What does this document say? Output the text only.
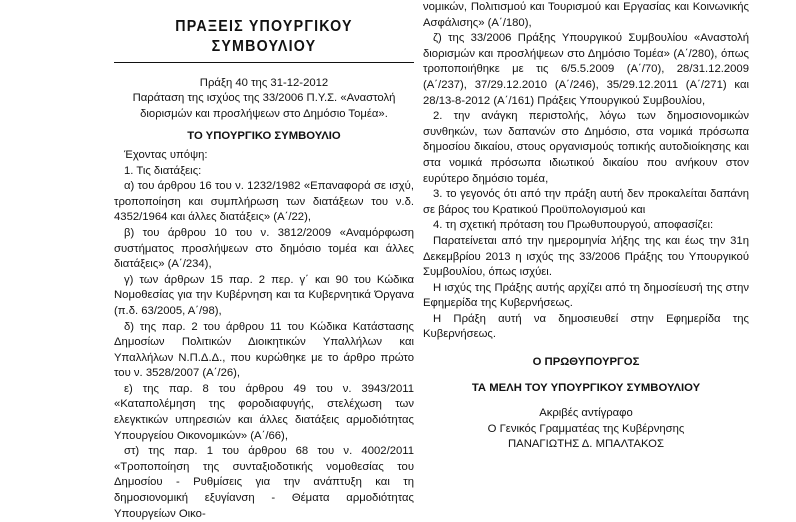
ΠΡΑΞΕΙΣ ΥΠΟΥΡΓΙΚΟΥ ΣΥΜΒΟΥΛΙΟΥ

Πράξη 40 της 31-12-2012

Παράταση της ισχύος της 33/2006 Π.Υ.Σ. «Αναστολή διορισμών και προσλήψεων στο Δημόσιο Τομέα».

ΤΟ ΥΠΟΥΡΓΙΚΟ ΣΥΜΒΟΥΛΙΟ

Έχοντας υπόψη:

1. Τις διατάξεις:

α) του άρθρου 16 του ν. 1232/1982 «Επαναφορά σε ισχύ, τροποποίηση και συμπλήρωση των διατάξεων του ν.δ. 4352/1964 και άλλες διατάξεις» (Α΄/22),

β) του άρθρου 10 του ν. 3812/2009 «Αναμόρφωση συστήματος προσλήψεων στο δημόσιο τομέα και άλλες διατάξεις» (Α΄/234),

γ) των άρθρων 15 παρ. 2 περ. γ΄ και 90 του Κώδικα Νομοθεσίας για την Κυβέρνηση και τα Κυβερνητικά Όργανα (π.δ. 63/2005, Α΄/98),

δ) της παρ. 2 του άρθρου 11 του Κώδικα Κατάστασης Δημοσίων Πολιτικών Διοικητικών Υπαλλήλων και Υπαλλήλων Ν.Π.Δ.Δ., που κυρώθηκε με το άρθρο πρώτο του ν. 3528/2007 (Α΄/26),

ε) της παρ. 8 του άρθρου 49 του ν. 3943/2011 «Καταπολέμηση της φοροδιαφυγής, στελέχωση των ελεγκτικών υπηρεσιών και άλλες διατάξεις αρμοδιότητας Υπουργείου Οικονομικών» (Α΄/66),

στ) της παρ. 1 του άρθρου 68 του ν. 4002/2011 «Τροποποίηση της συνταξιοδοτικής νομοθεσίας του Δημοσίου - Ρυθμίσεις για την ανάπτυξη και τη δημοσιονομική εξυγίανση - Θέματα αρμοδιότητας Υπουργείων Οικο-

νομικών, Πολιτισμού και Τουρισμού και Εργασίας και Κοινωνικής Ασφάλισης» (Α΄/180),

ζ) της 33/2006 Πράξης Υπουργικού Συμβουλίου «Αναστολή διορισμών και προσλήψεων στο Δημόσιο Τομέα» (Α΄/280), όπως τροποποιήθηκε με τις 6/5.5.2009 (Α΄/70), 28/31.12.2009 (Α΄/237), 37/29.12.2010 (Α΄/246), 35/29.12.2011 (Α΄/271) και 28/13-8-2012 (Α΄/161) Πράξεις Υπουργικού Συμβουλίου,

2. την ανάγκη περιστολής, λόγω των δημοσιονομικών συνθηκών, των δαπανών στο Δημόσιο, στα νομικά πρόσωπα δημοσίου δικαίου, στους οργανισμούς τοπικής αυτοδιοίκησης και στα νομικά πρόσωπα ιδιωτικού δικαίου που ανήκουν στον ευρύτερο δημόσιο τομέα,

3. το γεγονός ότι από την πράξη αυτή δεν προκαλείται δαπάνη σε βάρος του Κρατικού Προϋπολογισμού και

4. τη σχετική πρόταση του Πρωθυπουργού, αποφασίζει:

Παρατείνεται από την ημερομηνία λήξης της και έως την 31η Δεκεμβρίου 2013 η ισχύς της 33/2006 Πράξης του Υπουργικού Συμβουλίου, όπως ισχύει.

Η ισχύς της Πράξης αυτής αρχίζει από τη δημοσίευσή της στην Εφημερίδα της Κυβερνήσεως.

Η Πράξη αυτή να δημοσιευθεί στην Εφημερίδα της Κυβερνήσεως.

Ο ΠΡΩΘΥΠΟΥΡΓΟΣ

ΤΑ ΜΕΛΗ ΤΟΥ ΥΠΟΥΡΓΙΚΟΥ ΣΥΜΒΟΥΛΙΟΥ

Ακριβές αντίγραφο

Ο Γενικός Γραμματέας της Κυβέρνησης

ΠΑΝΑΓΙΩΤΗΣ Δ. ΜΠΑΛΤΑΚΟΣ
